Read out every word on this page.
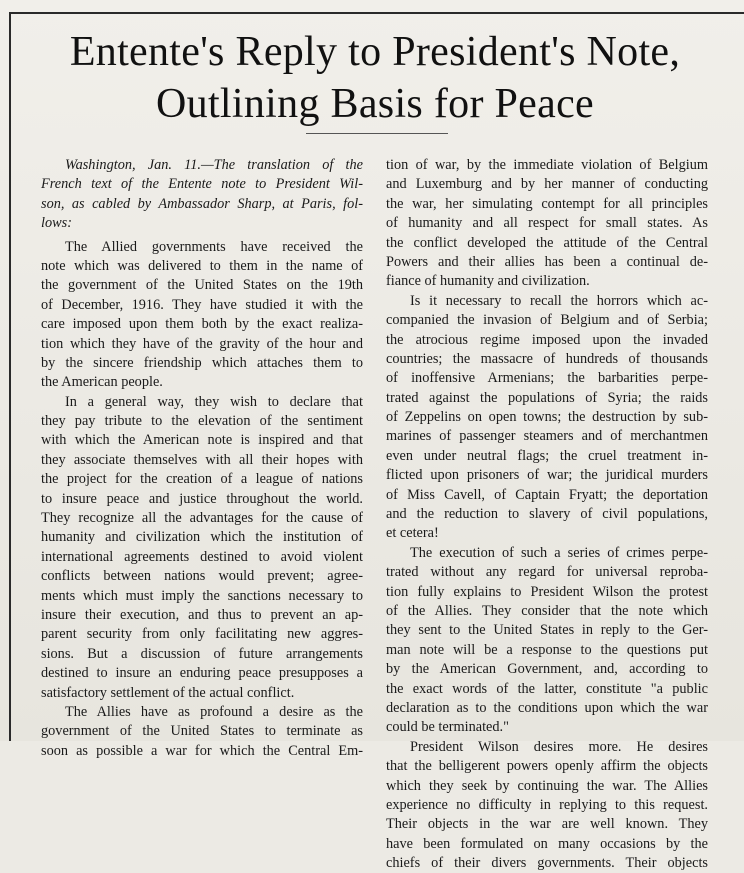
Entente's Reply to President's Note,
Outlining Basis for Peace
Washington, Jan. 11.—The translation of the
French text of the Entente note to President Wil-
son, as cabled by Ambassador Sharp, at Paris, fol-
lows:
The Allied governments have received the
note which was delivered to them in the name of
the government of the United States on the 19th
of December, 1916. They have studied it with the
care imposed upon them both by the exact realiza-
tion which they have of the gravity of the hour and
by the sincere friendship which attaches them to
the American people.
In a general way, they wish to declare that
they pay tribute to the elevation of the sentiment
with which the American note is inspired and that
they associate themselves with all their hopes with
the project for the creation of a league of nations
to insure peace and justice throughout the world.
They recognize all the advantages for the cause of
humanity and civilization which the institution of
international agreements destined to avoid violent
conflicts between nations would prevent; agree-
ments which must imply the sanctions necessary to
insure their execution, and thus to prevent an ap-
parent security from only facilitating new aggres-
sions. But a discussion of future arrangements
destined to insure an enduring peace presupposes a
satisfactory settlement of the actual conflict.
The Allies have as profound a desire as the
government of the United States to terminate as
soon as possible a war for which the Central Em-
tion of war, by the immediate violation of Belgium
and Luxemburg and by her manner of conducting
the war, her simulating contempt for all principles
of humanity and all respect for small states. As
the conflict developed the attitude of the Central
Powers and their allies has been a continual de-
fiance of humanity and civilization.
Is it necessary to recall the horrors which ac-
companied the invasion of Belgium and of Serbia;
the atrocious regime imposed upon the invaded
countries; the massacre of hundreds of thousands
of inoffensive Armenians; the barbarities perpe-
trated against the populations of Syria; the raids
of Zeppelins on open towns; the destruction by sub-
marines of passenger steamers and of merchantmen
even under neutral flags; the cruel treatment in-
flicted upon prisoners of war; the juridical murders
of Miss Cavell, of Captain Fryatt; the deportation
and the reduction to slavery of civil populations,
et cetera!
The execution of such a series of crimes perpe-
trated without any regard for universal reproba-
tion fully explains to President Wilson the protest
of the Allies. They consider that the note which
they sent to the United States in reply to the Ger-
man note will be a response to the questions put
by the American Government, and, according to
the exact words of the latter, constitute "a public
declaration as to the conditions upon which the war
could be terminated."
President Wilson desires more. He desires
that the belligerent powers openly affirm the objects
which they seek by continuing the war. The Allies
experience no difficulty in replying to this request.
Their objects in the war are well known. They
have been formulated on many occasions by the
chiefs of their divers governments. Their objects
